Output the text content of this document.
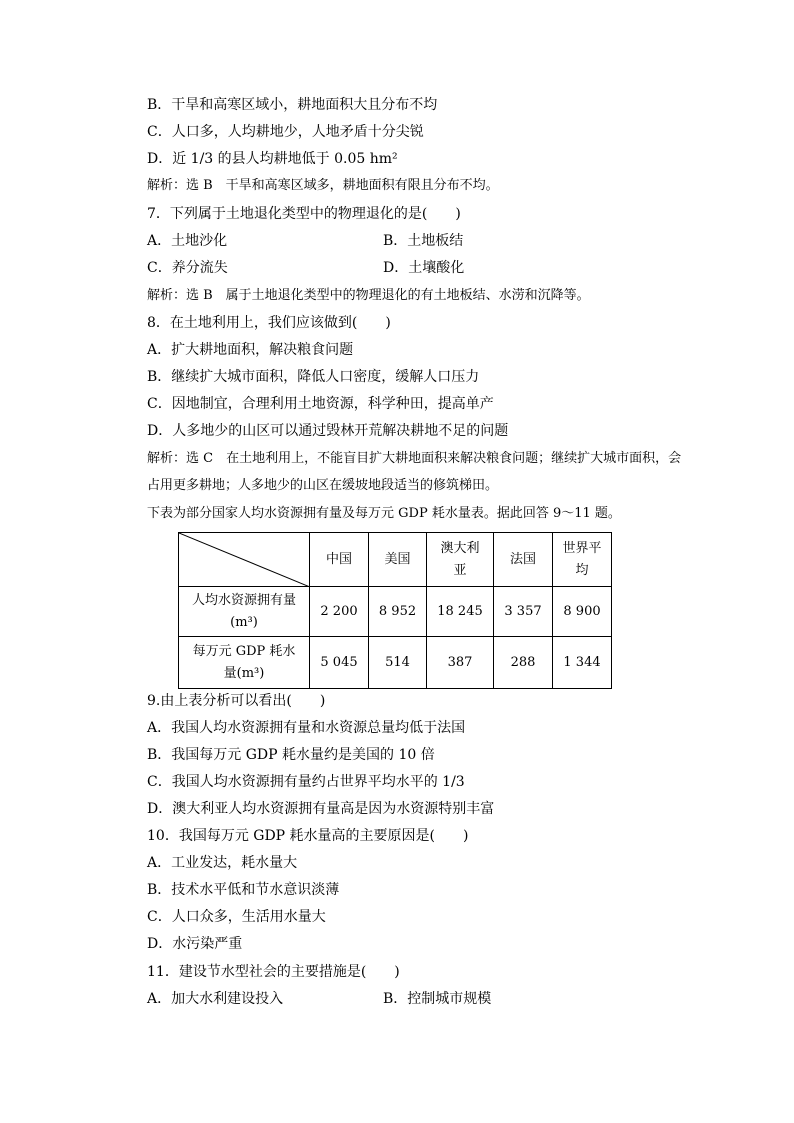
B．干旱和高寒区域小，耕地面积大且分布不均
C．人口多，人均耕地少，人地矛盾十分尖锐
D．近 1/3 的县人均耕地低于 0.05 hm²
解析：选 B　干旱和高寒区域多，耕地面积有限且分布不均。
7．下列属于土地退化类型中的物理退化的是(　　)
A．土地沙化	B．土地板结
C．养分流失	D．土壤酸化
解析：选 B　属于土地退化类型中的物理退化的有土地板结、水涝和沉降等。
8．在土地利用上，我们应该做到(　　)
A．扩大耕地面积，解决粮食问题
B．继续扩大城市面积，降低人口密度，缓解人口压力
C．因地制宜，合理利用土地资源，科学种田，提高单产
D．人多地少的山区可以通过毁林开荒解决耕地不足的问题
解析：选 C　在土地利用上，不能盲目扩大耕地面积来解决粮食问题；继续扩大城市面积，会占用更多耕地；人多地少的山区在缓坡地段适当的修筑梯田。
下表为部分国家人均水资源拥有量及每万元 GDP 耗水量表。据此回答 9～11 题。
	中国	美国	澳大利亚	法国	世界平均
人均水资源拥有量(m³)	2 200	8 952	18 245	3 357	8 900
每万元 GDP 耗水量(m³)	5 045	514	387	288	1 344
9.由上表分析可以看出(　　)
A．我国人均水资源拥有量和水资源总量均低于法国
B．我国每万元 GDP 耗水量约是美国的 10 倍
C．我国人均水资源拥有量约占世界平均水平的 1/3
D．澳大利亚人均水资源拥有量高是因为水资源特别丰富
10．我国每万元 GDP 耗水量高的主要原因是(　　)
A．工业发达，耗水量大
B．技术水平低和节水意识淡薄
C．人口众多，生活用水量大
D．水污染严重
11．建设节水型社会的主要措施是(　　)
A．加大水利建设投入	B．控制城市规模
